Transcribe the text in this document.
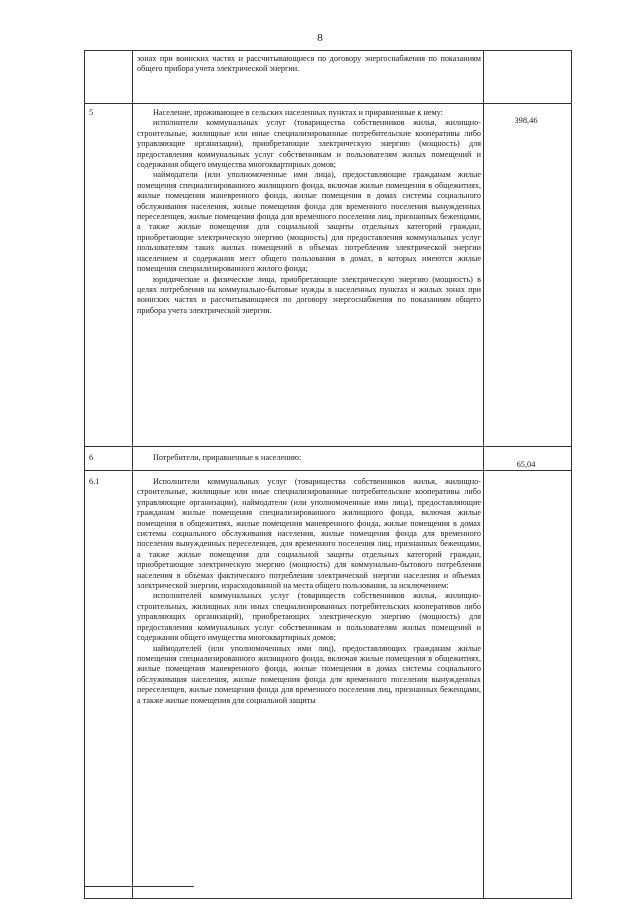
8

зонах при воинских частях и рассчитывающиеся по договору энергоснабжения по показаниям общего прибора учета электрической энергии.

5
398,46

Население, проживающее в сельских населенных пунктах и приравненные к нему:

исполнители коммунальных услуг (товарищества собственников жилья, жилищно-строительные, жилищные или иные специализированные потребительские кооперативы либо управляющие организации), приобретающие электрическую энергию (мощность) для предоставления коммунальных услуг собственникам и пользователям жилых помещений и содержания общего имущества многоквартирных домов;

наймодатели (или уполномоченные ими лица), предоставляющие гражданам жилые помещения специализированного жилищного фонда, включая жилые помещения в общежитиях, жилые помещения маневренного фонда, жилые помещения в домах системы социального обслуживания населения, жилые помещения фонда для временного поселения вынужденных переселенцев, жилые помещения фонда для временного поселения лиц, признанных беженцами, а также жилые помещения для социальной защиты отдельных категорий граждан, приобретающие электрическую энергию (мощность) для предоставления коммунальных услуг пользователям таких жилых помещений в объемах потребления электрической энергии населением и содержания мест общего пользования в домах, в которых имеются жилые помещения специализированного жилого фонда;

юридические и физические лица, приобретающие электрическую энергию (мощность) в целях потребления на коммунально-бытовые нужды в населенных пунктах и жилых зонах при воинских частях и рассчитывающиеся по договору энергоснабжения по показаниям общего прибора учета электрической энергии.

6
65,04

Потребители, приравненные к населению:

6.1	Исполнители коммунальных услуг (товарищества собственников жилья, жилищно-строительные, жилищные или иные специализированные потребительские кооперативы либо управляющие организации), наймодатели (или уполномоченные ими лица), предоставляющие гражданам жилые помещения специализированного жилищного фонда, включая жилые помещения в общежитиях, жилые помещения маневренного фонда, жилые помещения в домах системы социального обслуживания населения, жилые помещения фонда для временного поселения вынужденных переселенцев, для временного поселения лиц, признанных беженцами, а также жилые помещения для социальной защиты отдельных категорий граждан, приобретающие электрическую энергию (мощность) для коммунально-бытового потребления населения в объемах фактического потребления электрической энергии населения и объемах электрической энергии, израсходованной на места общего пользования, за исключением:

исполнителей коммунальных услуг (товариществ собственников жилья, жилищно-строительных, жилищных или иных специализированных потребительских кооперативов либо управляющих организаций), приобретающих электрическую энергию (мощность) для предоставления коммунальных услуг собственникам и пользователям жилых помещений и содержания общего имущества многоквартирных домов;

наймодателей (или уполномоченных ими лиц), предоставляющих гражданам жилые помещения специализированного жилищного фонда, включая жилые помещения в общежитиях, жилые помещения маневренного фонда, жилые помещения в домах системы социального обслуживания населения, жилые помещения фонда для временного поселения вынужденных переселенцев, жилые помещения фонда для временного поселения лиц, признанных беженцами, а также жилые помещения для социальной защиты
